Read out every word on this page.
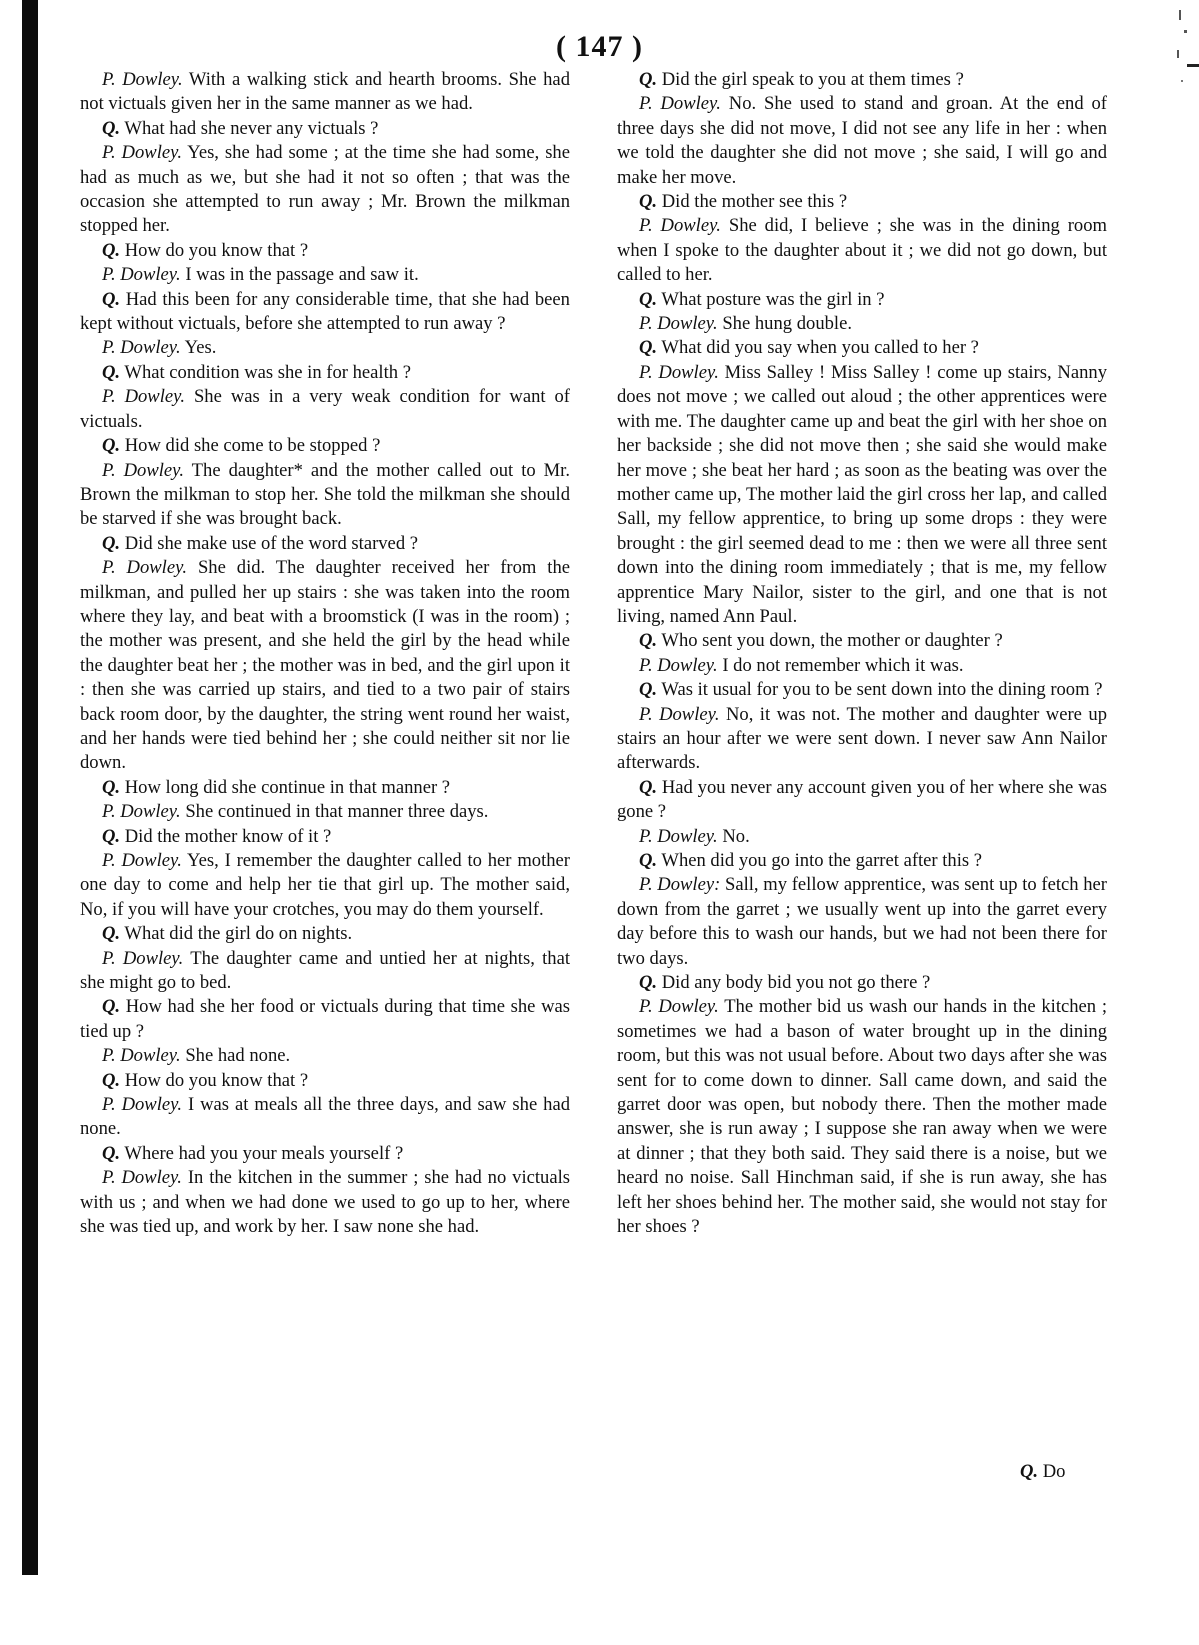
( 147 )

P. Dowley. With a walking stick and hearth brooms. She had not victuals given her in the same manner as we had.

Q. What had she never any victuals ?

P. Dowley. Yes, she had some ; at the time she had some, she had as much as we, but she had it not so often ; that was the occasion she attempted to run away ; Mr. Brown the milkman stopped her.

Q. How do you know that ?

P. Dowley. I was in the passage and saw it.

Q. Had this been for any considerable time, that she had been kept without victuals, before she attempted to run away ?

P. Dowley. Yes.

Q. What condition was she in for health ?

P. Dowley. She was in a very weak condition for want of victuals.

Q. How did she come to be stopped ?

P. Dowley. The daughter* and the mother called out to Mr. Brown the milkman to stop her. She told the milkman she should be starved if she was brought back.

Q. Did she make use of the word starved ?

P. Dowley. She did. The daughter received her from the milkman, and pulled her up stairs : she was taken into the room where they lay, and beat with a broomstick (I was in the room) ; the mother was present, and she held the girl by the head while the daughter beat her ; the mother was in bed, and the girl upon it : then she was carried up stairs, and tied to a two pair of stairs back room door, by the daughter, the string went round her waist, and her hands were tied behind her ; she could neither sit nor lie down.

Q. How long did she continue in that manner ?

P. Dowley. She continued in that manner three days.

Q. Did the mother know of it ?

P. Dowley. Yes, I remember the daughter called to her mother one day to come and help her tie that girl up. The mother said, No, if you will have your crotches, you may do them yourself.

Q. What did the girl do on nights.

P. Dowley. The daughter came and untied her at nights, that she might go to bed.

Q. How had she her food or victuals during that time she was tied up ?

P. Dowley. She had none.

Q. How do you know that ?

P. Dowley. I was at meals all the three days, and saw she had none.

Q. Where had you your meals yourself ?

P. Dowley. In the kitchen in the summer ; she had no victuals with us ; and when we had done we used to go up to her, where she was tied up, and work by her. I saw none she had.

Q. Did the girl speak to you at them times ?

P. Dowley. No. She used to stand and groan. At the end of three days she did not move, I did not see any life in her : when we told the daughter she did not move ; she said, I will go and make her move.

Q. Did the mother see this ?

P. Dowley. She did, I believe ; she was in the dining room when I spoke to the daughter about it ; we did not go down, but called to her.

Q. What posture was the girl in ?

P. Dowley. She hung double.

Q. What did you say when you called to her ?

P. Dowley. Miss Salley ! Miss Salley ! come up stairs, Nanny does not move ; we called out aloud ; the other apprentices were with me. The daughter came up and beat the girl with her shoe on her backside ; she did not move then ; she said she would make her move ; she beat her hard ; as soon as the beating was over the mother came up, The mother laid the girl cross her lap, and called Sall, my fellow apprentice, to bring up some drops : they were brought : the girl seemed dead to me : then we were all three sent down into the dining room immediately ; that is me, my fellow apprentice Mary Nailor, sister to the girl, and one that is not living, named Ann Paul.

Q. Who sent you down, the mother or daughter ?

P. Dowley. I do not remember which it was.

Q. Was it usual for you to be sent down into the dining room ?

P. Dowley. No, it was not. The mother and daughter were up stairs an hour after we were sent down. I never saw Ann Nailor afterwards.

Q. Had you never any account given you of her where she was gone ?

P. Dowley. No.

Q. When did you go into the garret after this ?

P. Dowley: Sall, my fellow apprentice, was sent up to fetch her down from the garret ; we usually went up into the garret every day before this to wash our hands, but we had not been there for two days.

Q. Did any body bid you not go there ?

P. Dowley. The mother bid us wash our hands in the kitchen ; sometimes we had a bason of water brought up in the dining room, but this was not usual before. About two days after she was sent for to come down to dinner. Sall came down, and said the garret door was open, but nobody there. Then the mother made answer, she is run away ; I suppose she ran away when we were at dinner ; that they both said. They said there is a noise, but we heard no noise. Sall Hinchman said, if she is run away, she has left her shoes behind her. The mother said, she would not stay for her shoes ?

Q. Do
